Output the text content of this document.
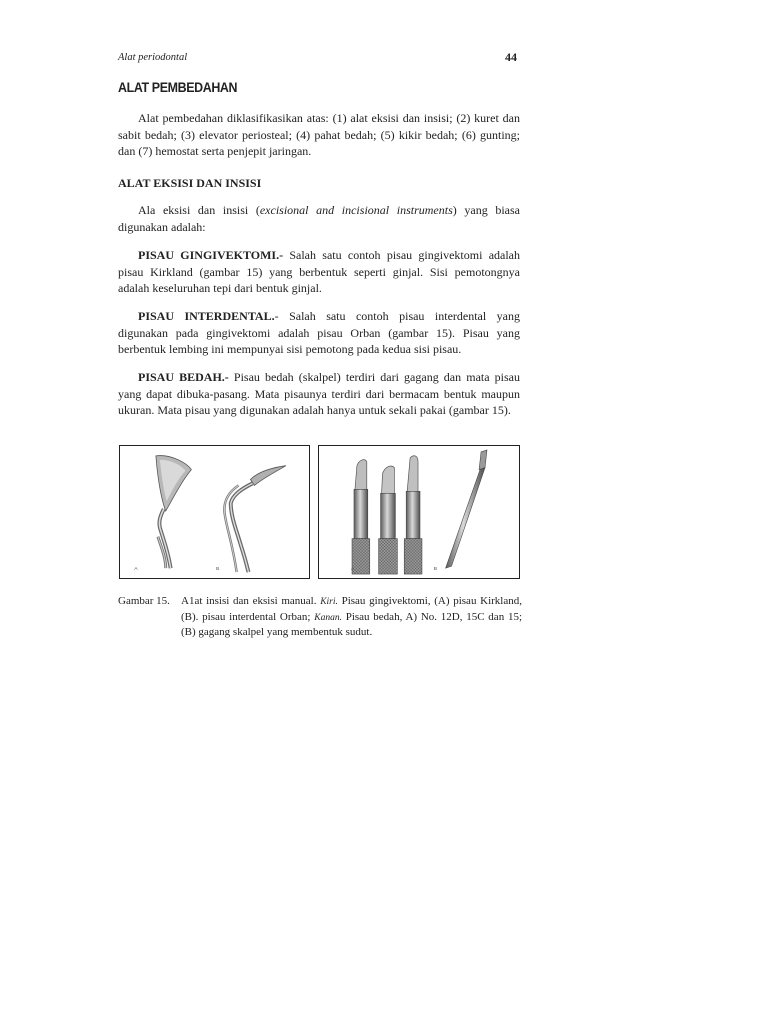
Alat periodontal	44
ALAT PEMBEDAHAN

Alat pembedahan diklasifikasikan atas: (1) alat eksisi dan insisi; (2) kuret dan sabit bedah; (3) elevator periosteal; (4) pahat bedah; (5) kikir bedah; (6) gunting; dan (7) hemostat serta penjepit jaringan.

ALAT EKSISI DAN INSISI

Ala eksisi dan insisi (excisional and incisional instruments) yang biasa digunakan adalah:

PISAU GINGIVEKTOMI.- Salah satu contoh pisau gingivektomi adalah pisau Kirkland (gambar 15) yang berbentuk seperti ginjal. Sisi pemotongnya adalah keseluruhan tepi dari bentuk ginjal.

PISAU INTERDENTAL.- Salah satu contoh pisau interdental yang digunakan pada gingivektomi adalah pisau Orban (gambar 15). Pisau yang berbentuk lembing ini mempunyai sisi pemotong pada kedua sisi pisau.

PISAU BEDAH.- Pisau bedah (skalpel) terdiri dari gagang dan mata pisau yang dapat dibuka-pasang. Mata pisaunya terdiri dari bermacam bentuk maupun ukuran. Mata pisau yang digunakan adalah hanya untuk sekali pakai (gambar 15).

A	B	A	B
Gambar 15. A1at insisi dan eksisi manual. Kiri. Pisau gingivektomi, (A) pisau Kirkland, (B). pisau interdental Orban; Kanan. Pisau bedah, A) No. 12D, 15C dan 15; (B) gagang skalpel yang membentuk sudut.
